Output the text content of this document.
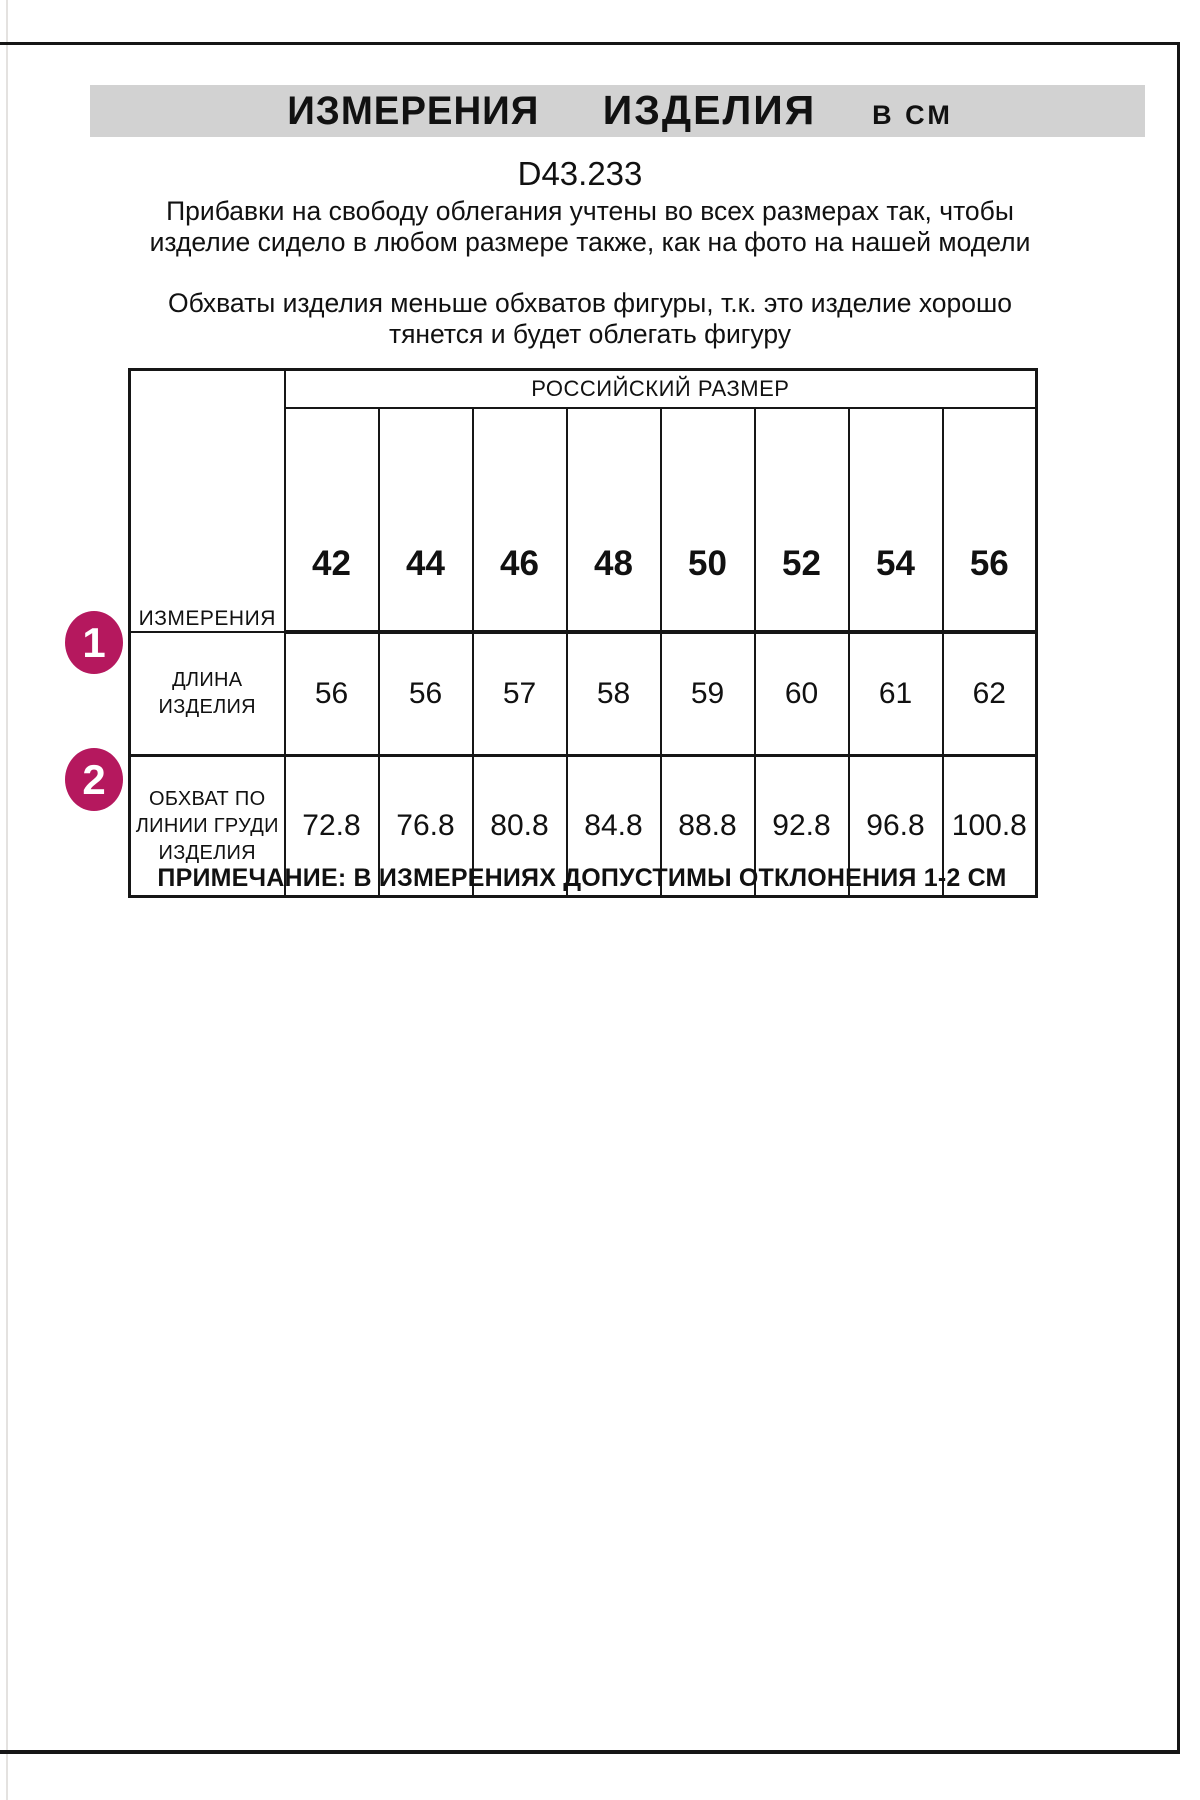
ИЗМЕРЕНИЯ ИЗДЕЛИЯ В СМ
D43.233
Прибавки на свободу облегания учтены во всех размерах так, чтобы изделие сидело в любом размере также, как на фото на нашей модели
Обхваты изделия меньше обхватов фигуры, т.к. это изделие хорошо тянется и будет облегать фигуру
ИЗМЕРЕНИЯ	РОССИЙСКИЙ РАЗМЕР							
	42	44	46	48	50	52	54	56
ДЛИНА ИЗДЕЛИЯ	56	56	57	58	59	60	61	62
ОБХВАТ ПО ЛИНИИ ГРУДИ ИЗДЕЛИЯ	72.8	76.8	80.8	84.8	88.8	92.8	96.8	100.8
1
2
ПРИМЕЧАНИЕ: В ИЗМЕРЕНИЯХ ДОПУСТИМЫ ОТКЛОНЕНИЯ 1-2 СМ
